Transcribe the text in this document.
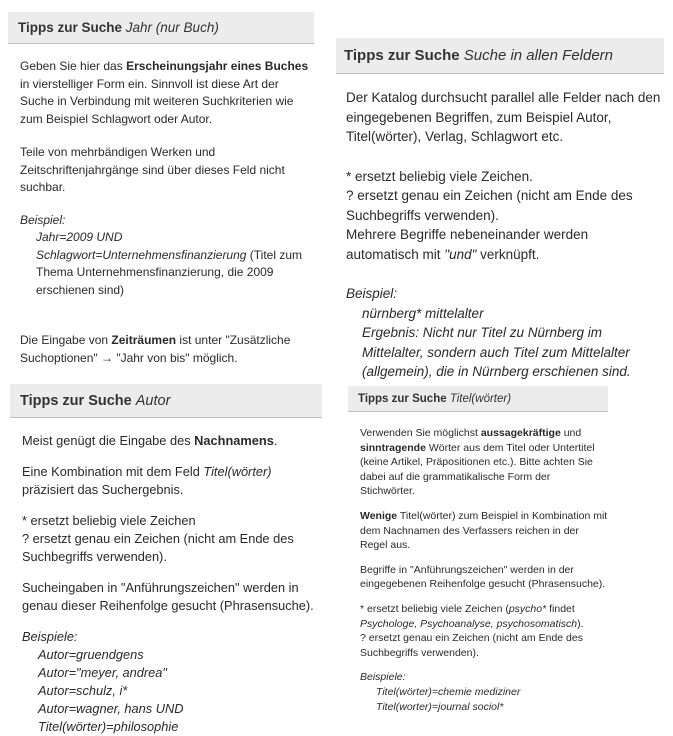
Tipps zur Suche Jahr (nur Buch)

Geben Sie hier das Erscheinungsjahr eines Buches in vierstelliger Form ein. Sinnvoll ist diese Art der Suche in Verbindung mit weiteren Suchkriterien wie zum Beispiel Schlagwort oder Autor.

Teile von mehrbändigen Werken und Zeitschriftenjahrgänge sind über dieses Feld nicht suchbar.

Beispiel:

Jahr=2009 UND
Schlagwort=Unternehmensfinanzierung (Titel zum Thema Unternehmensfinanzierung, die 2009 erschienen sind)

Die Eingabe von Zeiträumen ist unter "Zusätzliche Suchoptionen" → "Jahr von bis" möglich.

Tipps zur Suche Suche in allen Feldern

Der Katalog durchsucht parallel alle Felder nach den eingegebenen Begriffen, zum Beispiel Autor, Titel(wörter), Verlag, Schlagwort etc.

* ersetzt beliebig viele Zeichen.
? ersetzt genau ein Zeichen (nicht am Ende des Suchbegriffs verwenden).
Mehrere Begriffe nebeneinander werden automatisch mit "und" verknüpft.

Beispiel:

nürnberg* mittelalter
Ergebnis: Nicht nur Titel zu Nürnberg im Mittelalter, sondern auch Titel zum Mittelalter (allgemein), die in Nürnberg erschienen sind.

Tipps zur Suche Autor

Meist genügt die Eingabe des Nachnamens.

Eine Kombination mit dem Feld Titel(wörter) präzisiert das Suchergebnis.

* ersetzt beliebig viele Zeichen
? ersetzt genau ein Zeichen (nicht am Ende des Suchbegriffs verwenden).

Sucheingaben in "Anführungszeichen" werden in genau dieser Reihenfolge gesucht (Phrasensuche).

Beispiele:

Autor=gruendgens
Autor="meyer, andrea"
Autor=schulz, i*
Autor=wagner, hans UND Titel(wörter)=philosophie

Tipps zur Suche Titel(wörter)

Verwenden Sie möglichst aussagekräftige und sinntragende Wörter aus dem Titel oder Untertitel (keine Artikel, Präpositionen etc.). Bitte achten Sie dabei auf die grammatikalische Form der Stichwörter.

Wenige Titel(wörter) zum Beispiel in Kombination mit dem Nachnamen des Verfassers reichen in der Regel aus.

Begriffe in "Anführungszeichen" werden in der eingegebenen Reihenfolge gesucht (Phrasensuche).

* ersetzt beliebig viele Zeichen (psycho* findet Psychologe, Psychoanalyse, psychosomatisch).
? ersetzt genau ein Zeichen (nicht am Ende des Suchbegriffs verwenden).

Beispiele:

Titel(wörter)=chemie mediziner
Titel(worter)=journal sociol*
